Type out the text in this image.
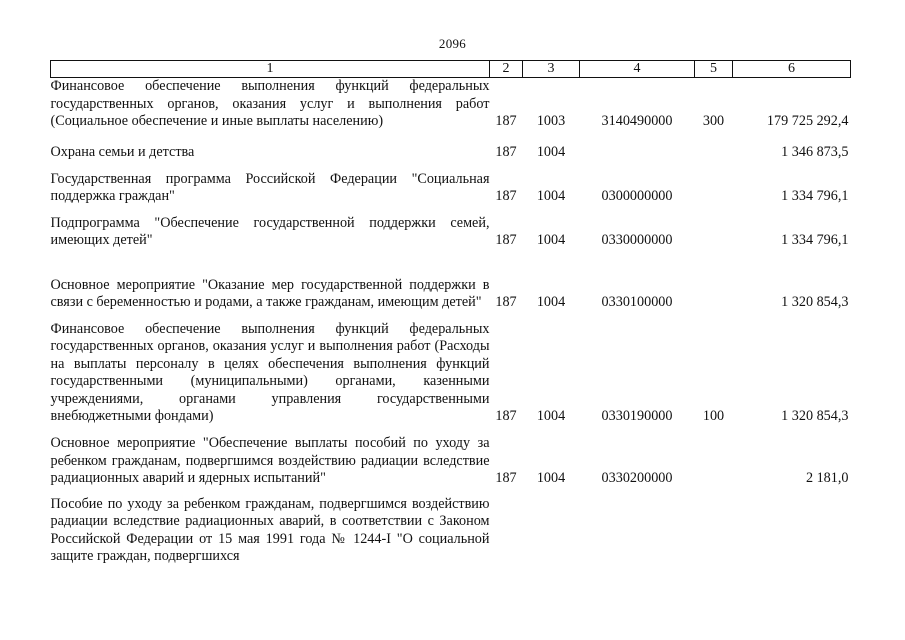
2096
1	2	3	4	5	6
Финансовое обеспечение выполнения функций федеральных государственных органов, оказания услуг и выполнения работ (Социальное обеспечение и иные выплаты населению)	187	1003	3140490000	300	179 725 292,4
Охрана семьи и детства	187	1004			1 346 873,5
Государственная программа Российской Федерации "Социальная поддержка граждан"	187	1004	0300000000		1 334 796,1
Подпрограмма "Обеспечение государственной поддержки семей, имеющих детей"	187	1004	0330000000		1 334 796,1
Основное мероприятие "Оказание мер государственной поддержки в связи с беременностью и родами, а также гражданам, имеющим детей"	187	1004	0330100000		1 320 854,3
Финансовое обеспечение выполнения функций федеральных государственных органов, оказания услуг и выполнения работ (Расходы на выплаты персоналу в целях обеспечения выполнения функций государственными (муниципальными) органами, казенными учреждениями, органами управления государственными внебюджетными фондами)	187	1004	0330190000	100	1 320 854,3
Основное мероприятие "Обеспечение выплаты пособий по уходу за ребенком гражданам, подвергшимся воздействию радиации вследствие радиационных аварий и ядерных испытаний"	187	1004	0330200000		2 181,0
Пособие по уходу за ребенком гражданам, подвергшимся воздействию радиации вследствие радиационных аварий, в соответствии с Законом Российской Федерации от 15 мая 1991 года № 1244-I "О социальной защите граждан, подвергшихся					
